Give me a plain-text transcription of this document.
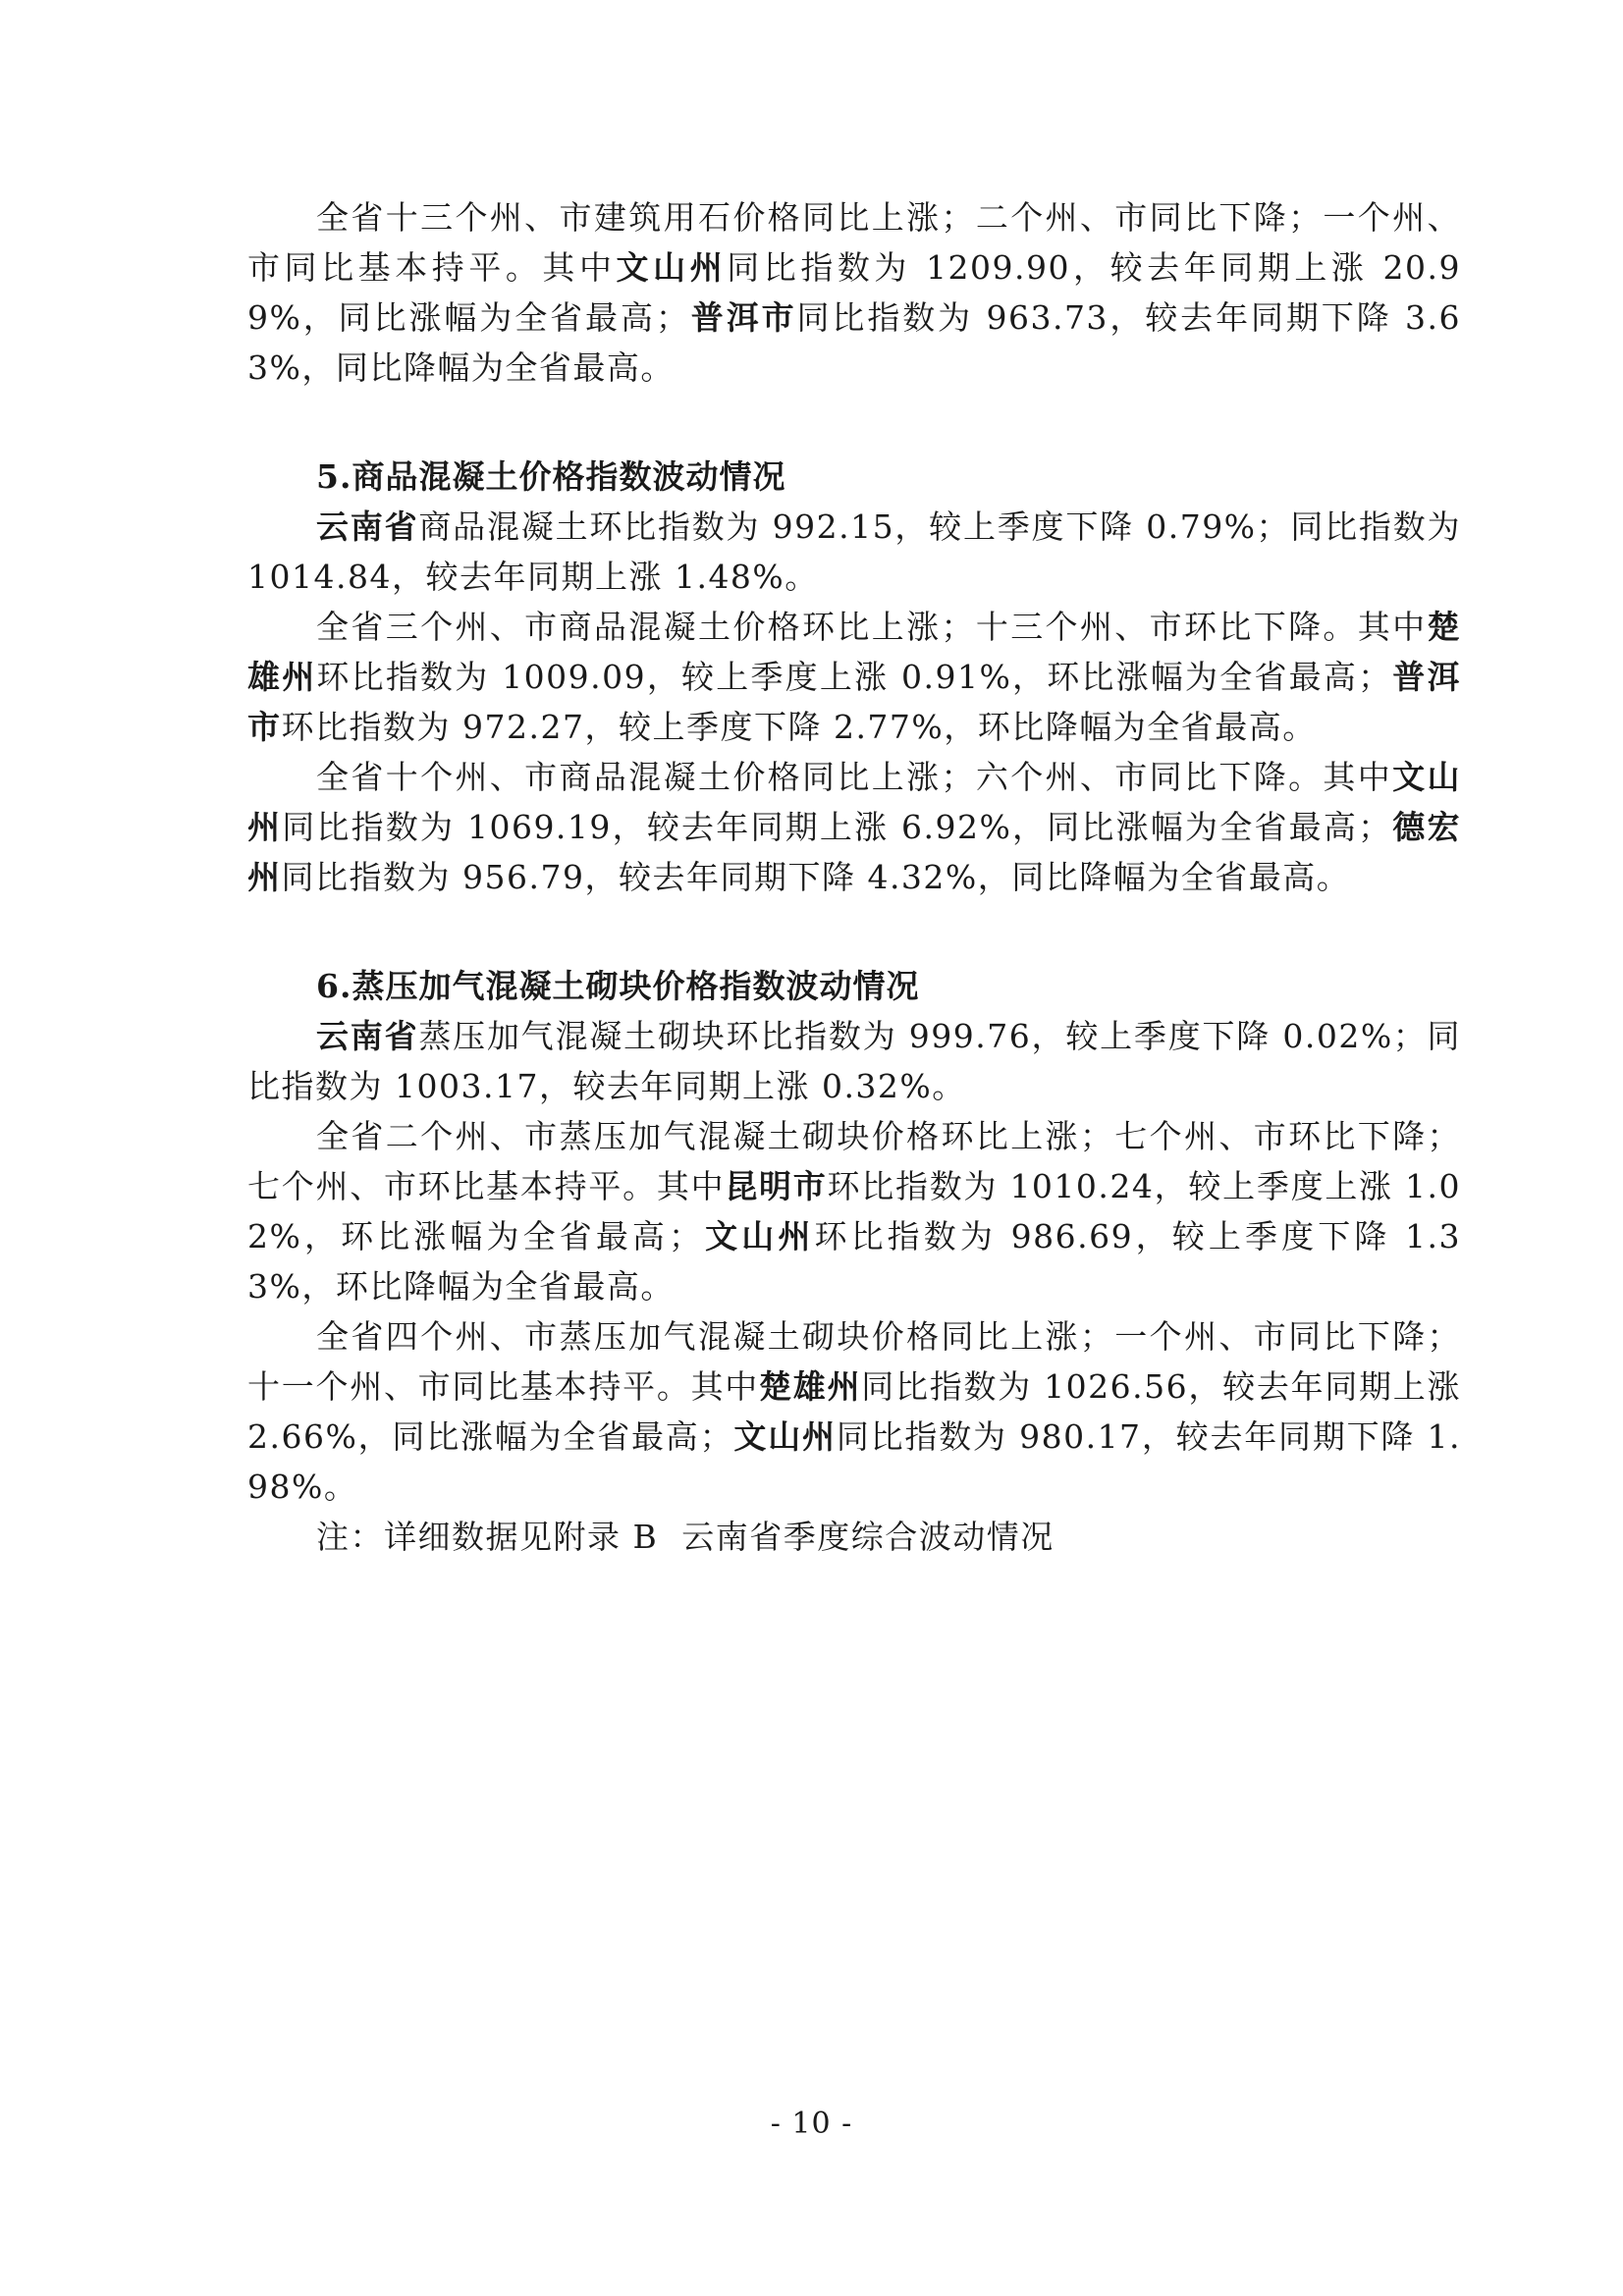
全省十三个州、市建筑用石价格同比上涨；二个州、市同比下降；一个州、市同比基本持平。其中文山州同比指数为 1209.90，较去年同期上涨 20.99%，同比涨幅为全省最高；普洱市同比指数为 963.73，较去年同期下降 3.63%，同比降幅为全省最高。

5.商品混凝土价格指数波动情况

云南省商品混凝土环比指数为 992.15，较上季度下降 0.79%；同比指数为 1014.84，较去年同期上涨 1.48%。

全省三个州、市商品混凝土价格环比上涨；十三个州、市环比下降。其中楚雄州环比指数为 1009.09，较上季度上涨 0.91%，环比涨幅为全省最高；普洱市环比指数为 972.27，较上季度下降 2.77%，环比降幅为全省最高。

全省十个州、市商品混凝土价格同比上涨；六个州、市同比下降。其中文山州同比指数为 1069.19，较去年同期上涨 6.92%，同比涨幅为全省最高；德宏州同比指数为 956.79，较去年同期下降 4.32%，同比降幅为全省最高。

6.蒸压加气混凝土砌块价格指数波动情况

云南省蒸压加气混凝土砌块环比指数为 999.76，较上季度下降 0.02%；同比指数为 1003.17，较去年同期上涨 0.32%。

全省二个州、市蒸压加气混凝土砌块价格环比上涨；七个州、市环比下降；七个州、市环比基本持平。其中昆明市环比指数为 1010.24，较上季度上涨 1.02%，环比涨幅为全省最高；文山州环比指数为 986.69，较上季度下降 1.33%，环比降幅为全省最高。

全省四个州、市蒸压加气混凝土砌块价格同比上涨；一个州、市同比下降；十一个州、市同比基本持平。其中楚雄州同比指数为 1026.56，较去年同期上涨 2.66%，同比涨幅为全省最高；文山州同比指数为 980.17，较去年同期下降 1.98%。

注：详细数据见附录 B  云南省季度综合波动情况

- 10 -
